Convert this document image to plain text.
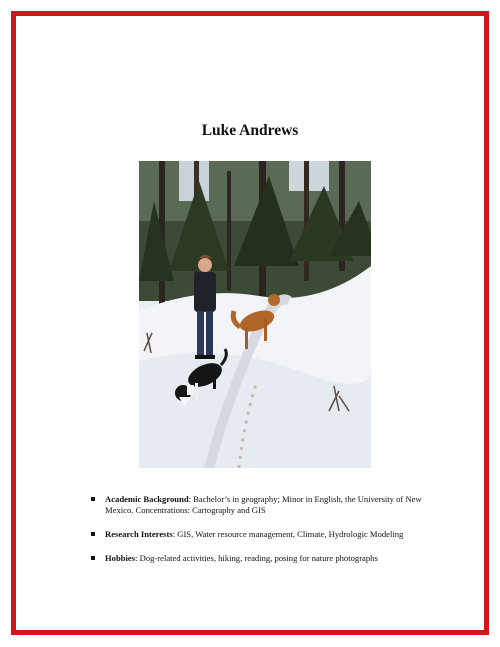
Luke Andrews
Academic Background: Bachelor’s in geography; Minor in English, the University of New Mexico. Concentrations: Cartography and GIS
Research Interests: GIS, Water resource management, Climate, Hydrologic Modeling
Hobbies: Dog-related activities, hiking, reading, posing for nature photographs
